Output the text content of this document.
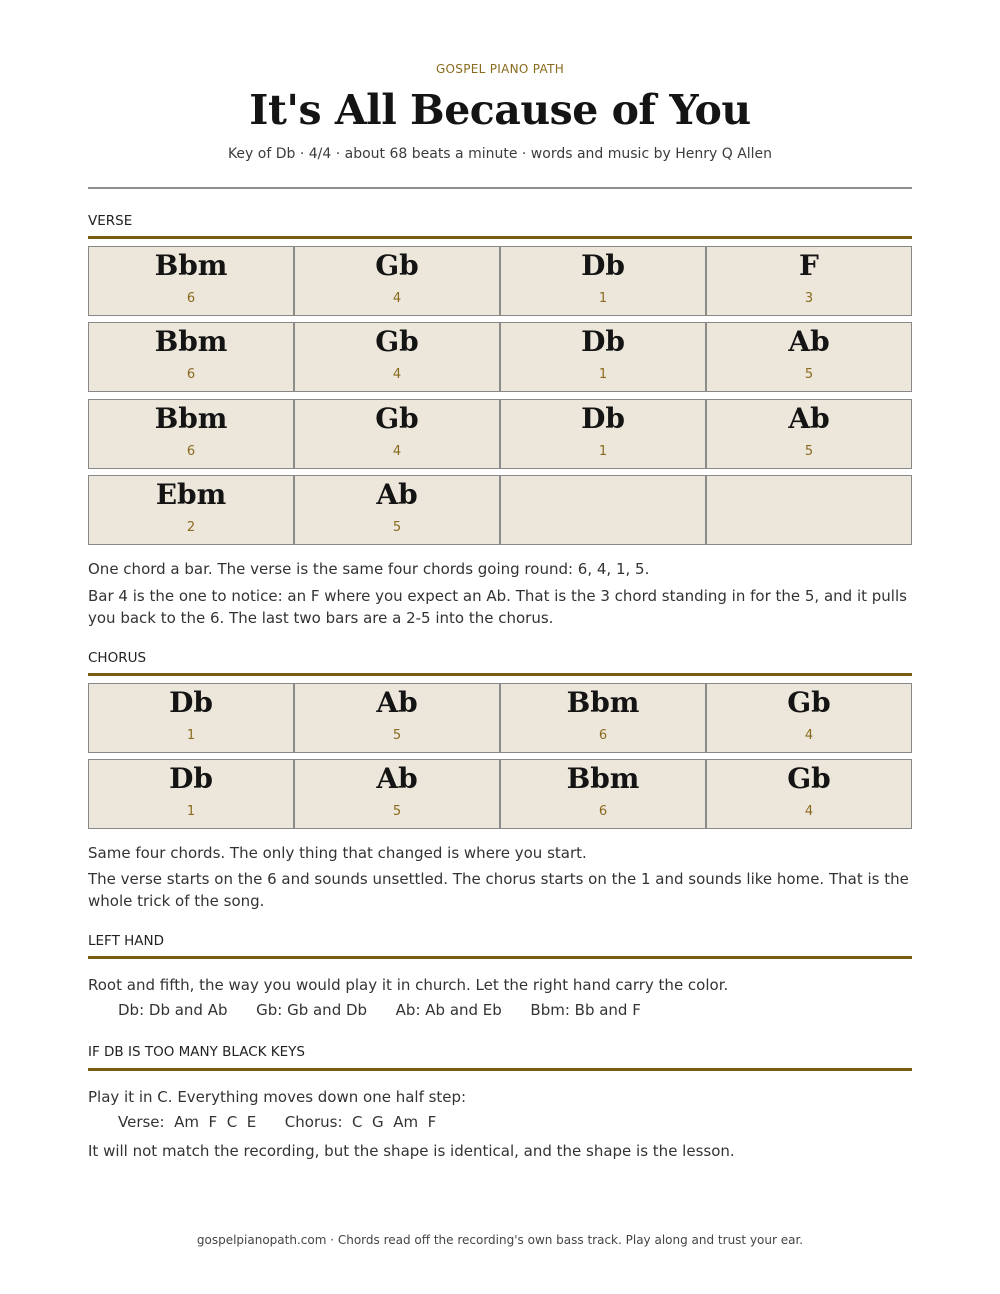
GOSPEL PIANO PATH
It's All Because of You
Key of Db · 4/4 · about 68 beats a minute · words and music by Henry Q Allen
VERSE
Bbm
6
Gb
4
Db
1
F
3
Bbm
6
Gb
4
Db
1
Ab
5
Bbm
6
Gb
4
Db
1
Ab
5
Ebm
2
Ab
5
One chord a bar. The verse is the same four chords going round: 6, 4, 1, 5.
Bar 4 is the one to notice: an F where you expect an Ab. That is the 3 chord standing in for the 5, and it pulls you back to the 6. The last two bars are a 2-5 into the chorus.
CHORUS
Db
1
Ab
5
Bbm
6
Gb
4
Db
1
Ab
5
Bbm
6
Gb
4
Same four chords. The only thing that changed is where you start.
The verse starts on the 6 and sounds unsettled. The chorus starts on the 1 and sounds like home. That is the whole trick of the song.
LEFT HAND
Root and fifth, the way you would play it in church. Let the right hand carry the color.
Db: Db and Ab      Gb: Gb and Db      Ab: Ab and Eb      Bbm: Bb and F
IF DB IS TOO MANY BLACK KEYS
Play it in C. Everything moves down one half step:
Verse:  Am  F  C  E      Chorus:  C  G  Am  F
It will not match the recording, but the shape is identical, and the shape is the lesson.
gospelpianopath.com · Chords read off the recording's own bass track. Play along and trust your ear.
